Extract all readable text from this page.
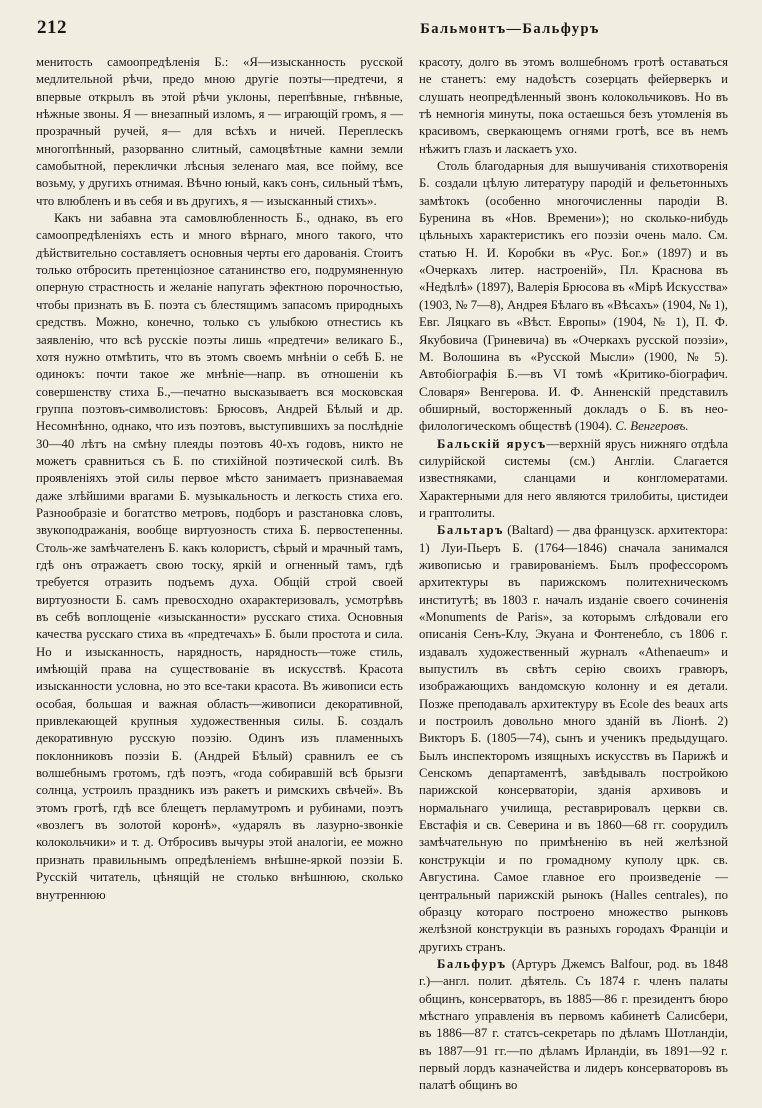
212	Бальмонтъ—Бальфуръ

менитость самоопредѣленія Б.: «Я—изысканность русской медлительной рѣчи, предо мною другіе поэты—предтечи, я впервые открылъ въ этой рѣчи уклоны, перепѣвные, гнѣвные, нѣжные звоны. Я — внезапный изломъ, я — играющій громъ, я — прозрачный ручей, я— для всѣхъ и ничей. Переплескъ многопѣнный, разорванно слитный, самоцвѣтные камни земли самобытной, переклички лѣсныя зеленаго мая, все пойму, все возьму, у другихъ отнимая. Вѣчно юный, какъ сонъ, сильный тѣмъ, что влюбленъ и въ себя и въ другихъ, я — изысканный стихъ».

Какъ ни забавна эта самовлюбленность Б., однако, въ его самоопредѣленіяхъ есть и много вѣрнаго, много такого, что дѣйствительно составляетъ основныя черты его дарованія. Стоитъ только отбросить претенціозное сатанинство его, подрумяненную оперную страстность и желаніе напугать эфектною порочностью, чтобы признать въ Б. поэта съ блестящимъ запасомъ природныхъ средствъ. Можно, конечно, только съ улыбкою отнестись къ заявленію, что всѣ русскіе поэты лишь «предтечи» великаго Б., хотя нужно отмѣтить, что въ этомъ своемъ мнѣніи о себѣ Б. не одинокъ: почти такое же мнѣніе—напр. въ отношеніи къ совершенству стиха Б.,—печатно высказываетъ вся московская группа поэтовъ-символистовъ: Брюсовъ, Андрей Бѣлый и др. Несомнѣнно, однако, что изъ поэтовъ, выступившихъ за послѣдніе 30—40 лѣтъ на смѣну плеяды поэтовъ 40-хъ годовъ, никто не можетъ сравниться съ Б. по стихійной поэтической силѣ. Въ проявленіяхъ этой силы первое мѣсто занимаетъ признаваемая даже злѣйшими врагами Б. музыкальность и легкость стиха его. Разнообразіе и богатство метровъ, подборъ и разстановка словъ, звукоподражанія, вообще виртуозность стиха Б. первостепенны. Столь-же замѣчателенъ Б. какъ колористъ, сѣрый и мрачный тамъ, гдѣ онъ отражаетъ свою тоску, яркій и огненный тамъ, гдѣ требуется отразить подъемъ духа. Общій строй своей виртуозности Б. самъ превосходно охарактеризовалъ, усмотрѣвъ въ себѣ воплощеніе «изысканности» русскаго стиха. Основныя качества русскаго стиха въ «предтечахъ» Б. были простота и сила. Но и изысканность, нарядность, нарядность—тоже стиль, имѣющій права на существованіе въ искусствѣ. Красота изысканности условна, но это все-таки красота. Въ живописи есть особая, большая и важная область—живописи декоративной, привлекающей крупныя художественныя силы. Б. создалъ декоративную русскую поэзію. Одинъ изъ пламенныхъ поклонниковъ поэзіи Б. (Андрей Бѣлый) сравнилъ ее съ волшебнымъ гротомъ, гдѣ поэтъ, «года собиравшій всѣ брызги солнца, устроилъ праздникъ изъ ракетъ и римскихъ свѣчей». Въ этомъ гротѣ, гдѣ все блещетъ перламутромъ и рубинами, поэтъ «возлегъ въ золотой коронѣ», «ударялъ въ лазурно-звонкіе колокольчики» и т. д. Отбросивъ вычуры этой аналогіи, ее можно признать правильнымъ опредѣленіемъ внѣшне-яркой поэзіи Б. Русскій читатель, цѣнящій не столько внѣшнюю, сколько внутреннюю

красоту, долго въ этомъ волшебномъ гротѣ оставаться не станетъ: ему надоѣстъ созерцать фейерверкъ и слушать неопредѣленный звонъ колокольчиковъ. Но въ тѣ немногія минуты, пока остаешься безъ утомленія въ красивомъ, сверкающемъ огнями гротѣ, все въ немъ нѣжитъ глазъ и ласкаетъ ухо.

Столь благодарныя для вышучиванія стихотворенія Б. создали цѣлую литературу пародій и фельетонныхъ замѣтокъ (особенно многочисленны пародіи В. Буренина въ «Нов. Времени»); но сколько-нибудь цѣльныхъ характеристикъ его поэзіи очень мало. См. статью Н. И. Коробки въ «Рус. Бог.» (1897) и въ «Очеркахъ литер. настроеній», Пл. Краснова въ «Недѣлѣ» (1897), Валерія Брюсова въ «Мірѣ Искусства» (1903, № 7—8), Андрея Бѣлаго въ «Вѣсахъ» (1904, № 1), Евг. Ляцкаго въ «Вѣст. Европы» (1904, № 1), П. Ф. Якубовича (Гриневича) въ «Очеркахъ русской поэзіи», М. Волошина въ «Русской Мысли» (1900, № 5). Автобіографія Б.—въ VI томѣ «Критико-біографич. Словаря» Венгерова. И. Ф. Анненскій представилъ обширный, восторженный докладъ о Б. въ нео-филологическомъ обществѣ (1904). С. Венгеровъ.

Бальскій ярусъ—верхній ярусъ нижняго отдѣла силурійской системы (см.) Англіи. Слагается известняками, сланцами и конгломератами. Характерными для него являются трилобиты, цистидеи и граптолиты.

Бальтаръ (Baltard) — два французск. архитектора: 1) Луи-Пьеръ Б. (1764—1846) сначала занимался живописью и гравированіемъ. Былъ профессоромъ архитектуры въ парижскомъ политехническомъ институтѣ; въ 1803 г. началъ изданіе своего сочиненія «Monuments de Paris», за которымъ слѣдовали его описанія Сенъ-Клу, Экуана и Фонтенебло, съ 1806 г. издавалъ художественный журналъ «Athenaeum» и выпустилъ въ свѣтъ серію своихъ гравюръ, изображающихъ вандомскую колонну и ея детали. Позже преподавалъ архитектуру въ Ecole des beaux arts и построилъ довольно много зданій въ Ліонѣ. 2) Викторъ Б. (1805—74), сынъ и ученикъ предыдущаго. Былъ инспекторомъ изящныхъ искусствъ въ Парижѣ и Сенскомъ департаментѣ, завѣдывалъ постройкою парижской консерваторіи, зданія архивовъ и нормальнаго училища, реставрировалъ церкви св. Евстафія и св. Северина и въ 1860—68 гг. соорудилъ замѣчательную по примѣненію въ ней желѣзной конструкціи и по громадному куполу црк. св. Августина. Самое главное его произведеніе — центральный парижскій рынокъ (Halles centrales), по образцу котораго построено множество рынковъ желѣзной конструкціи въ разныхъ городахъ Франціи и другихъ странъ.

Бальфуръ (Артуръ Джемсъ Balfour, род. въ 1848 г.)—англ. полит. дѣятель. Съ 1874 г. членъ палаты общинъ, консерваторъ, въ 1885—86 г. президентъ бюро мѣстнаго управленія въ первомъ кабинетѣ Салисбери, въ 1886—87 г. статсъ-секретарь по дѣламъ Шотландіи, въ 1887—91 гг.—по дѣламъ Ирландіи, въ 1891—92 г. первый лордъ казначейства и лидеръ консерваторовъ въ палатѣ общинъ во
